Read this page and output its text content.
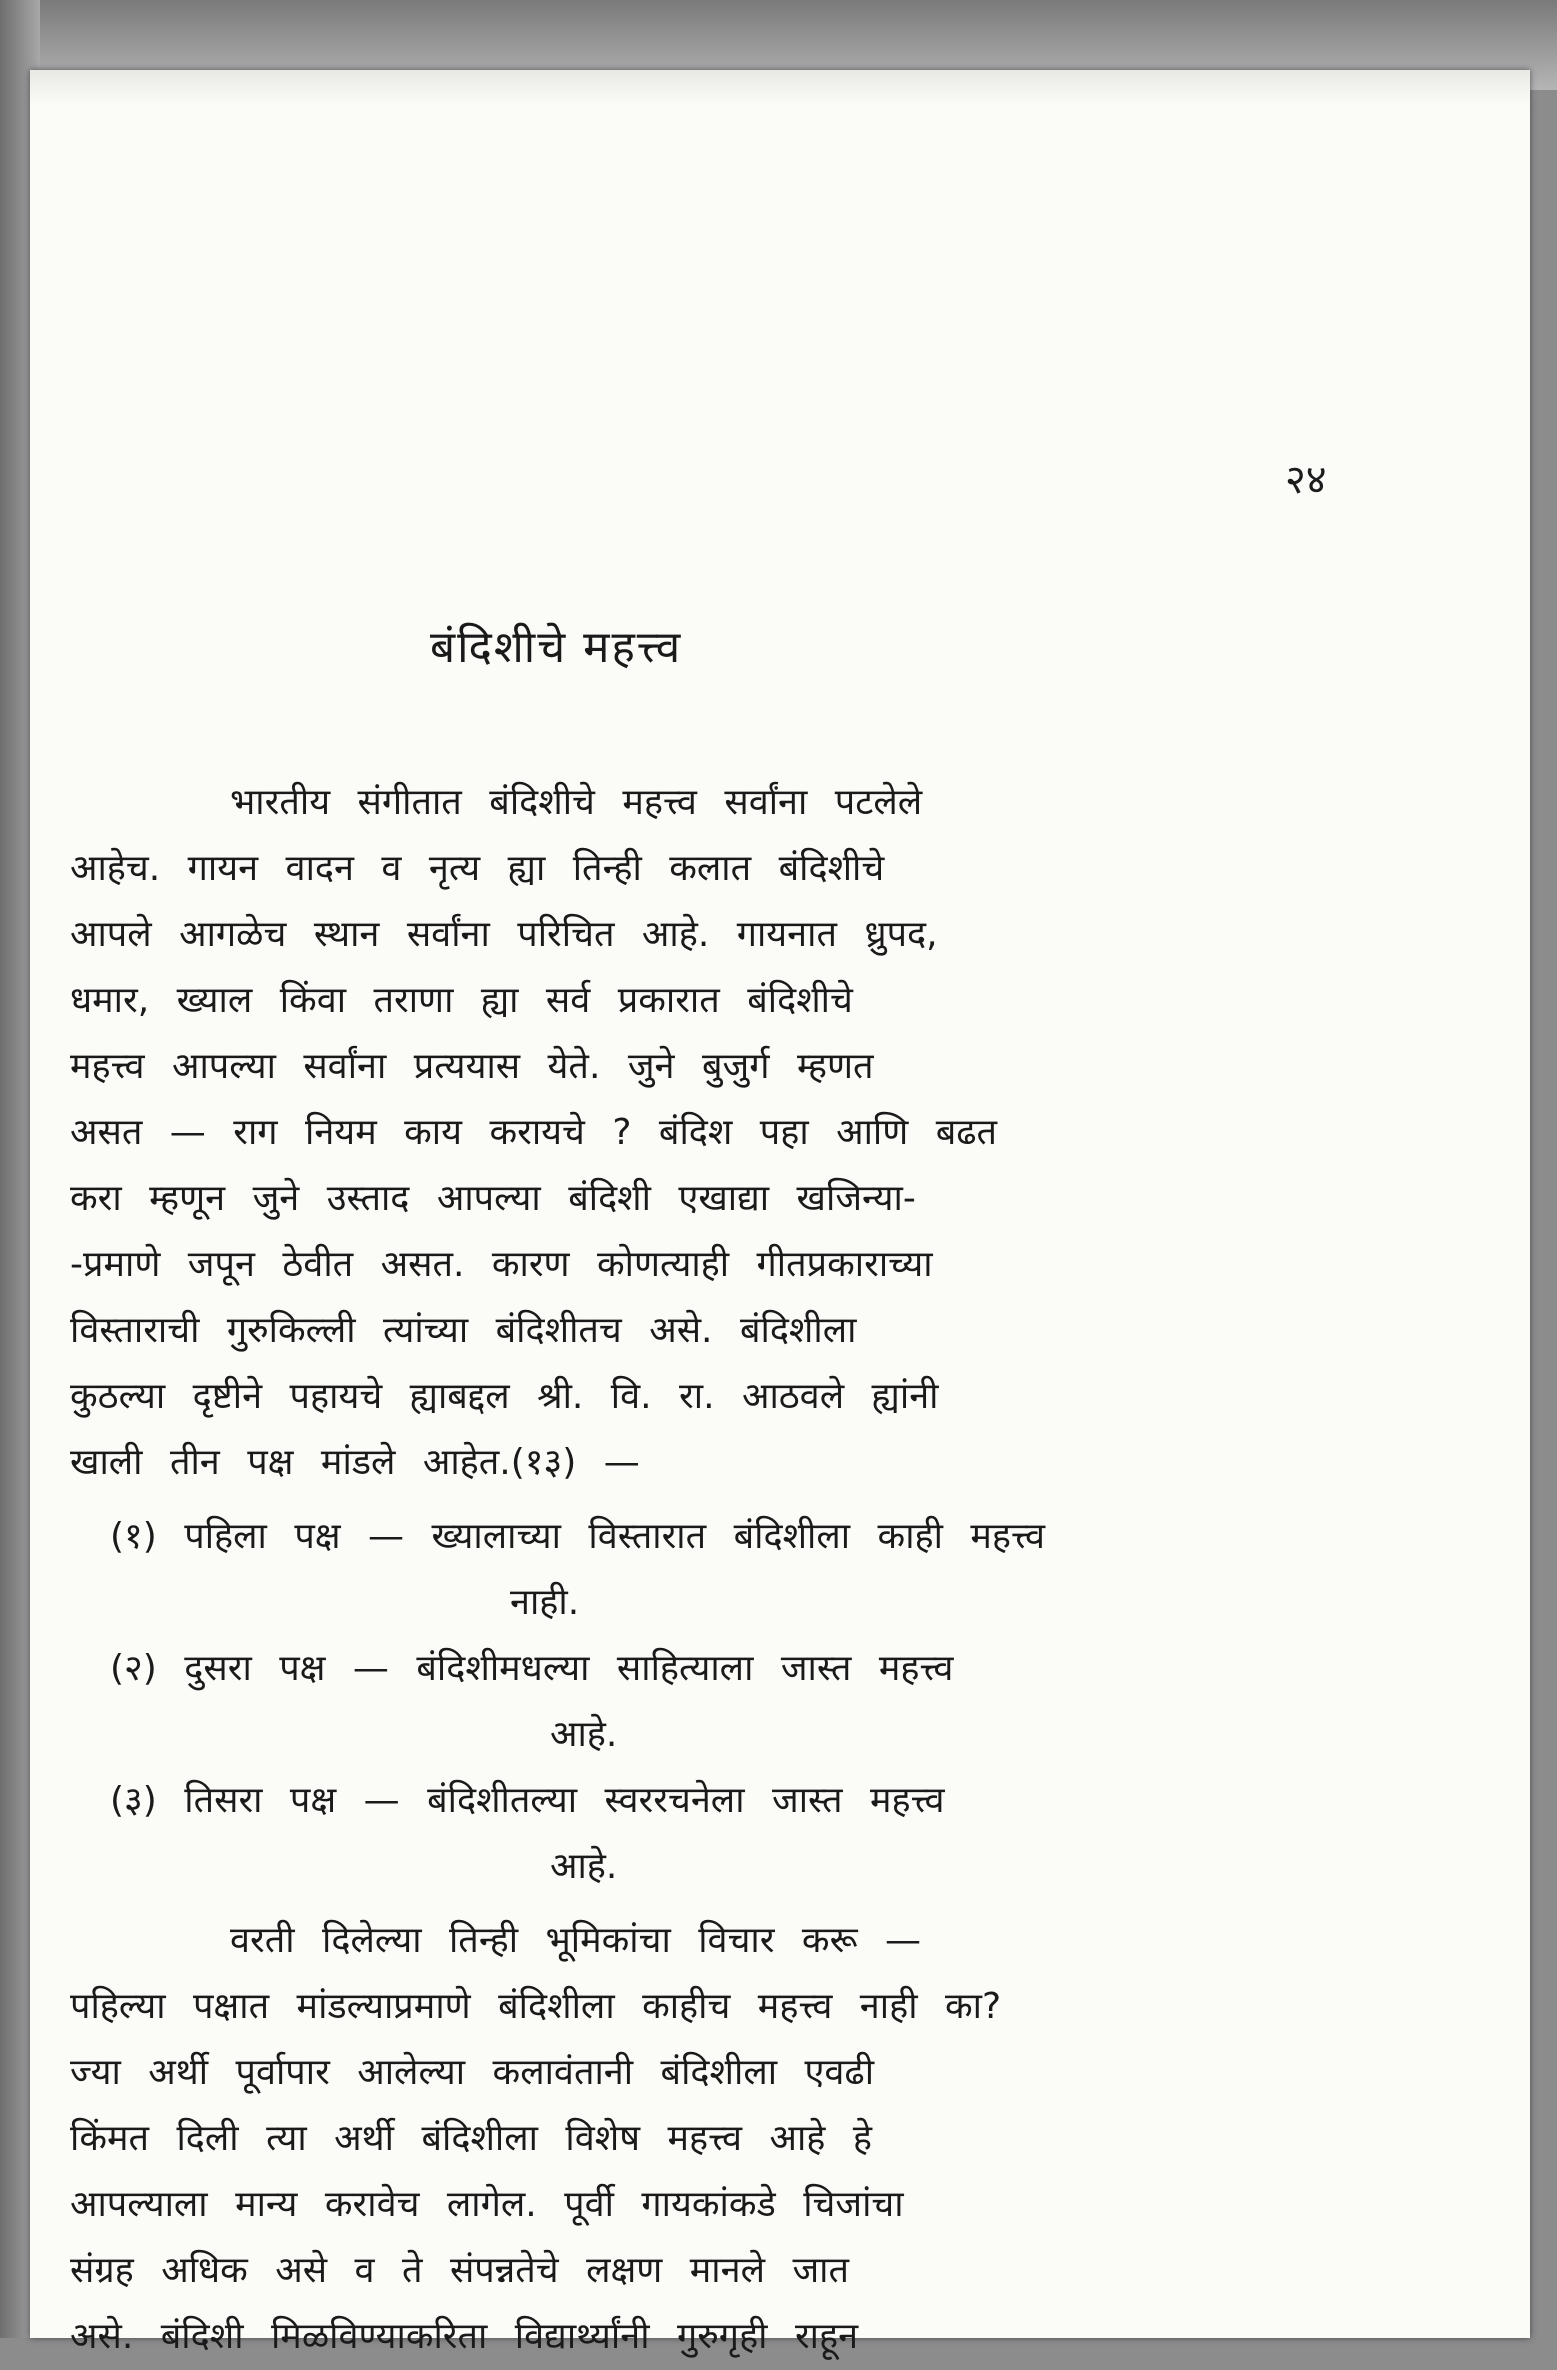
२४
बंदिशीचे महत्त्व
भारतीय संगीतात बंदिशीचे महत्त्व सर्वांना पटलेले
आहेच. गायन वादन व नृत्य ह्या तिन्ही कलात बंदिशीचे
आपले आगळेच स्थान सर्वांना परिचित आहे. गायनात ध्रुपद,
धमार, ख्याल किंवा तराणा ह्या सर्व प्रकारात बंदिशीचे
महत्त्व आपल्या सर्वांना प्रत्ययास येते. जुने बुजुर्ग म्हणत
असत — राग नियम काय करायचे ? बंदिश पहा आणि बढत
करा म्हणून जुने उस्ताद आपल्या बंदिशी एखाद्या खजिन्या-
-प्रमाणे जपून ठेवीत असत. कारण कोणत्याही गीतप्रकाराच्या
विस्ताराची गुरुकिल्ली त्यांच्या बंदिशीतच असे. बंदिशीला
कुठल्या दृष्टीने पहायचे ह्याबद्दल श्री. वि. रा. आठवले ह्यांनी
खाली तीन पक्ष मांडले आहेत.(१३) —
(१) पहिला पक्ष — ख्यालाच्या विस्तारात बंदिशीला काही महत्त्व
नाही.
(२) दुसरा पक्ष — बंदिशीमधल्या साहित्याला जास्त महत्त्व
आहे.
(३) तिसरा पक्ष — बंदिशीतल्या स्वररचनेला जास्त महत्त्व
आहे.
वरती दिलेल्या तिन्ही भूमिकांचा विचार करू —
पहिल्या पक्षात मांडल्याप्रमाणे बंदिशीला काहीच महत्त्व नाही का?
ज्या अर्थी पूर्वापार आलेल्या कलावंतानी बंदिशीला एवढी
किंमत दिली त्या अर्थी बंदिशीला विशेष महत्त्व आहे हे
आपल्याला मान्य करावेच लागेल. पूर्वी गायकांकडे चिजांचा
संग्रह अधिक असे व ते संपन्नतेचे लक्षण मानले जात
असे. बंदिशी मिळविण्याकरिता विद्यार्थ्यांनी गुरुगृही राहून
